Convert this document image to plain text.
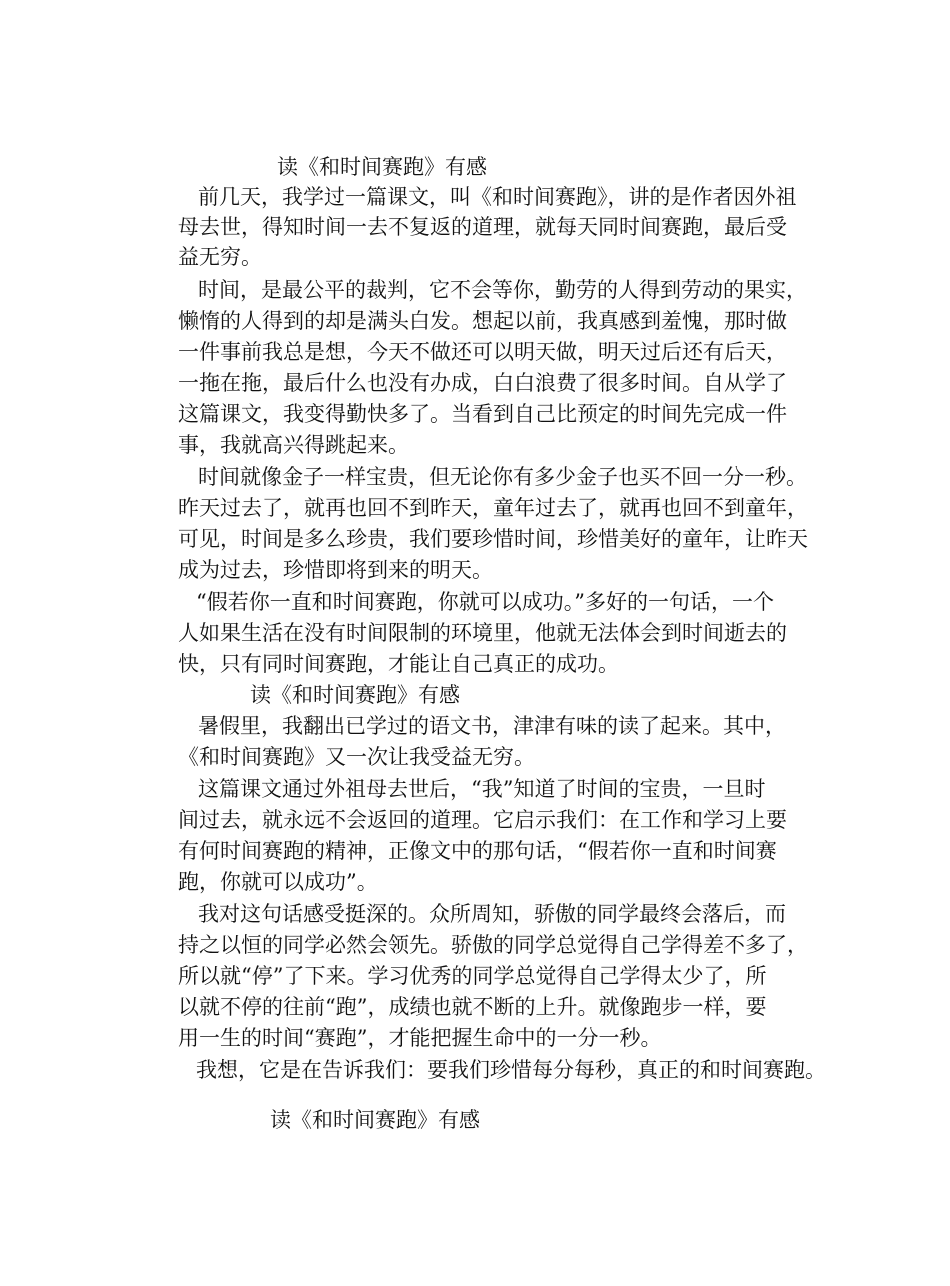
读《和时间赛跑》有感
前几天，我学过一篇课文，叫《和时间赛跑》，讲的是作者因外祖
母去世，得知时间一去不复返的道理，就每天同时间赛跑，最后受
益无穷。
时间，是最公平的裁判，它不会等你，勤劳的人得到劳动的果实，
懒惰的人得到的却是满头白发。想起以前，我真感到羞愧，那时做
一件事前我总是想，今天不做还可以明天做，明天过后还有后天，
一拖在拖，最后什么也没有办成，白白浪费了很多时间。自从学了
这篇课文，我变得勤快多了。当看到自己比预定的时间先完成一件
事，我就高兴得跳起来。
时间就像金子一样宝贵，但无论你有多少金子也买不回一分一秒。
昨天过去了，就再也回不到昨天，童年过去了，就再也回不到童年，
可见，时间是多么珍贵，我们要珍惜时间，珍惜美好的童年，让昨天
成为过去，珍惜即将到来的明天。
“假若你一直和时间赛跑，你就可以成功。”多好的一句话，一个
人如果生活在没有时间限制的环境里，他就无法体会到时间逝去的
快，只有同时间赛跑，才能让自己真正的成功。
读《和时间赛跑》有感
暑假里，我翻出已学过的语文书，津津有味的读了起来。其中，
《和时间赛跑》又一次让我受益无穷。
这篇课文通过外祖母去世后，“我”知道了时间的宝贵，一旦时
间过去，就永远不会返回的道理。它启示我们：在工作和学习上要
有何时间赛跑的精神，正像文中的那句话，“假若你一直和时间赛
跑，你就可以成功”。
我对这句话感受挺深的。众所周知，骄傲的同学最终会落后，而
持之以恒的同学必然会领先。骄傲的同学总觉得自己学得差不多了，
所以就“停”了下来。学习优秀的同学总觉得自己学得太少了，所
以就不停的往前“跑”，成绩也就不断的上升。就像跑步一样，要
用一生的时间“赛跑”，才能把握生命中的一分一秒。
我想，它是在告诉我们：要我们珍惜每分每秒，真正的和时间赛跑。
读《和时间赛跑》有感
